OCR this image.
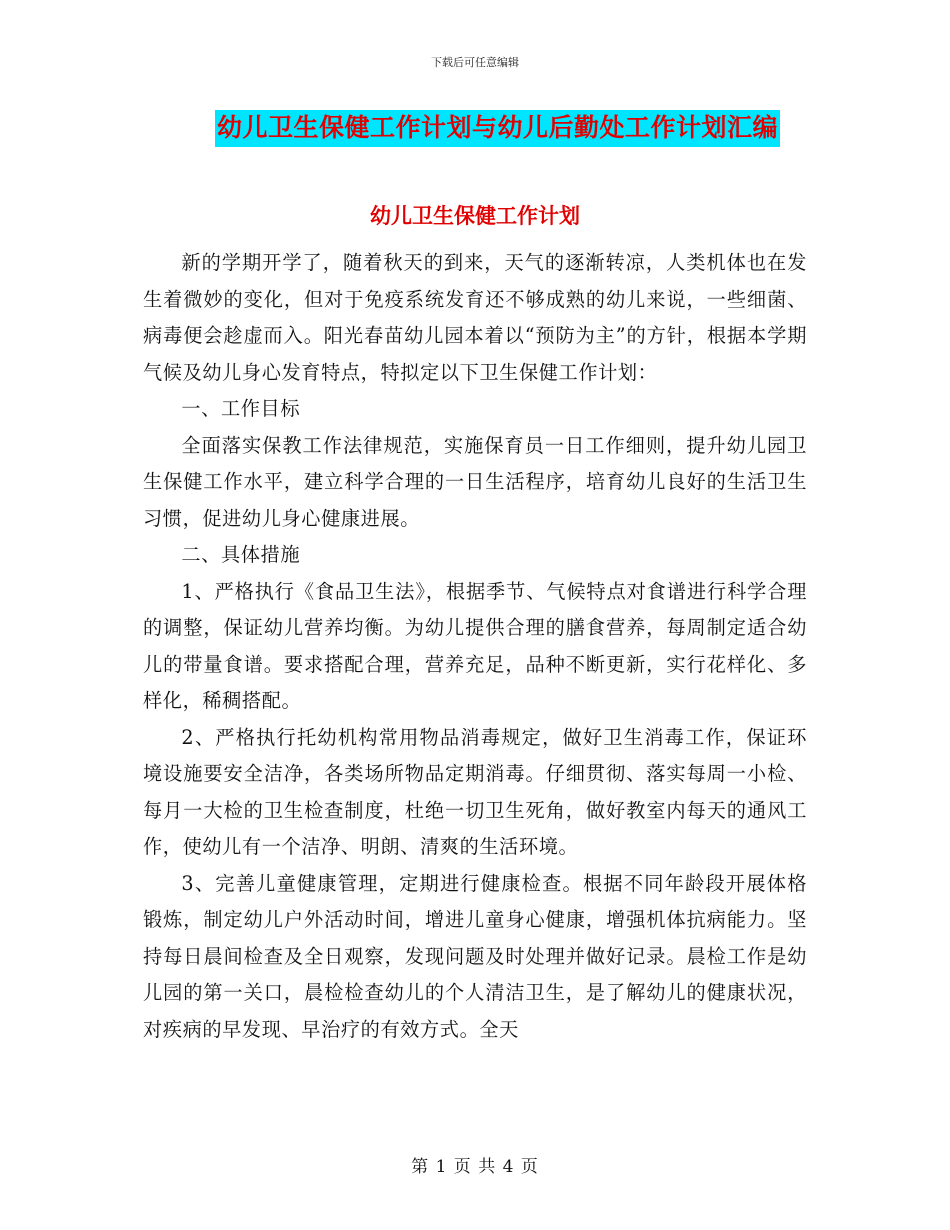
下载后可任意编辑
幼儿卫生保健工作计划与幼儿后勤处工作计划汇编
幼儿卫生保健工作计划

新的学期开学了，随着秋天的到来，天气的逐渐转凉，人类机体也在发生着微妙的变化，但对于免疫系统发育还不够成熟的幼儿来说，一些细菌、病毒便会趁虚而入。阳光春苗幼儿园本着以“预防为主”的方针，根据本学期气候及幼儿身心发育特点，特拟定以下卫生保健工作计划：

一、工作目标

全面落实保教工作法律规范，实施保育员一日工作细则，提升幼儿园卫生保健工作水平，建立科学合理的一日生活程序，培育幼儿良好的生活卫生习惯，促进幼儿身心健康进展。

二、具体措施

1、严格执行《食品卫生法》，根据季节、气候特点对食谱进行科学合理的调整，保证幼儿营养均衡。为幼儿提供合理的膳食营养，每周制定适合幼儿的带量食谱。要求搭配合理，营养充足，品种不断更新，实行花样化、多样化，稀稠搭配。

2、严格执行托幼机构常用物品消毒规定，做好卫生消毒工作，保证环境设施要安全洁净，各类场所物品定期消毒。仔细贯彻、落实每周一小检、每月一大检的卫生检查制度，杜绝一切卫生死角，做好教室内每天的通风工作，使幼儿有一个洁净、明朗、清爽的生活环境。

3、完善儿童健康管理，定期进行健康检查。根据不同年龄段开展体格锻炼，制定幼儿户外活动时间，增进儿童身心健康，增强机体抗病能力。坚持每日晨间检查及全日观察，发现问题及时处理并做好记录。晨检工作是幼儿园的第一关口，晨检检查幼儿的个人清洁卫生，是了解幼儿的健康状况，对疾病的早发现、早治疗的有效方式。全天

第 1 页 共 4 页
